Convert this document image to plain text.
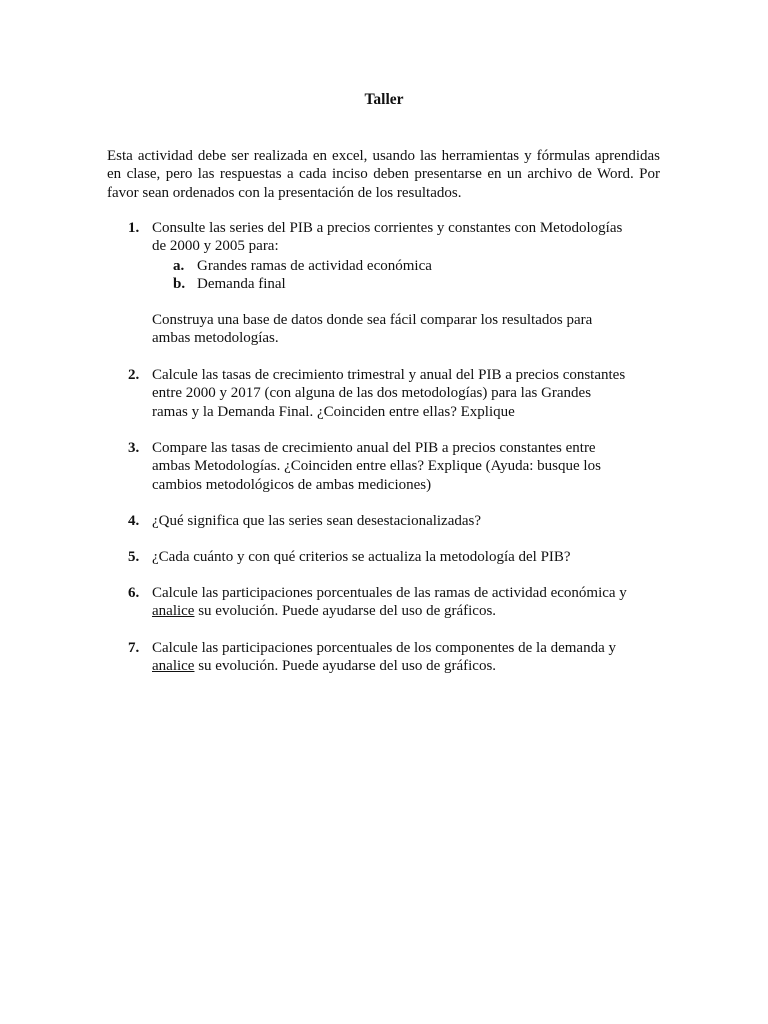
Taller

Esta actividad debe ser realizada en excel, usando las herramientas y fórmulas aprendidas en clase, pero las respuestas a cada inciso deben presentarse en un archivo de Word. Por favor sean ordenados con la presentación de los resultados.

1. Consulte las series del PIB a precios corrientes y constantes con Metodologías
de 2000 y 2005 para:
a. Grandes ramas de actividad económica
b. Demanda final
Construya una base de datos donde sea fácil comparar los resultados para
ambas metodologías.
2. Calcule las tasas de crecimiento trimestral y anual del PIB a precios constantes
entre 2000 y 2017 (con alguna de las dos metodologías) para las Grandes
ramas y la Demanda Final. ¿Coinciden entre ellas? Explique
3. Compare las tasas de crecimiento anual del PIB a precios constantes entre
ambas Metodologías. ¿Coinciden entre ellas? Explique (Ayuda: busque los
cambios metodológicos de ambas mediciones)
4. ¿Qué significa que las series sean desestacionalizadas?
5. ¿Cada cuánto y con qué criterios se actualiza la metodología del PIB?
6. Calcule las participaciones porcentuales de las ramas de actividad económica y
analice su evolución. Puede ayudarse del uso de gráficos.
7. Calcule las participaciones porcentuales de los componentes de la demanda y
analice su evolución. Puede ayudarse del uso de gráficos.
